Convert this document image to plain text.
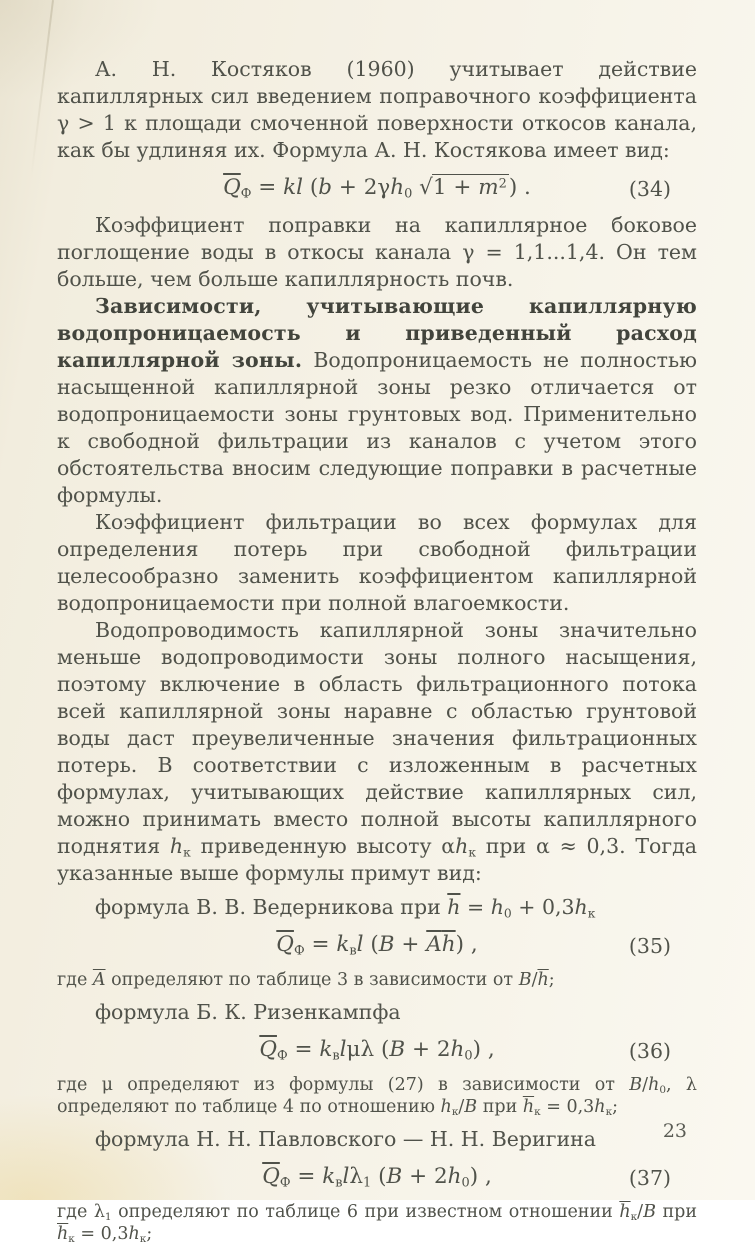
А. Н. Костяков (1960) учитывает действие капиллярных сил введением поправочного коэффициента γ > 1 к площади смоченной поверхности откосов канала, как бы удлиняя их. Формула А. Н. Костякова имеет вид:

$\overline{Q}_Ф$ = kl ($b + 2\gamma h_0$ $√1 + m^2$) .	(34)

Коэффициент поправки на капиллярное боковое поглощение воды в откосы канала γ = 1,1...1,4. Он тем больше, чем больше капиллярность почв.

Зависимости, учитывающие капиллярную водопроницаемость и приведенный расход капиллярной зоны. Водопроницаемость не полностью насыщенной капиллярной зоны резко отличается от водопроницаемости зоны грунтовых вод. Применительно к свободной фильтрации из каналов с учетом этого обстоятельства вносим следующие поправки в расчетные формулы.

Коэффициент фильтрации во всех формулах для определения потерь при свободной фильтрации целесообразно заменить коэффициентом капиллярной водопроницаемости при полной влагоемкости.

Водопроводимость капиллярной зоны значительно меньше водопроводимости зоны полного насыщения, поэтому включение в область фильтрационного потока всей капиллярной зоны наравне с областью грунтовой воды даст преувеличенные значения фильтрационных потерь. В соответствии с изложенным в расчетных формулах, учитывающих действие капиллярных сил, можно принимать вместо полной высоты капиллярного поднятия $h_к$ приведенную высоту $\alpha h_к$ при α ≈ 0,3. Тогда указанные выше формулы примут вид:

формула В. В. Ведерникова при $\overline{h} = h_0 + 0,3h_к$

$\overline{Q}_Ф = k_вl$ $(B + \overline{A}\overline{h})$ ,	(35)

где $\overline{A}$ определяют по таблице 3 в зависимости от $B/\overline{h}$;

формула Б. К. Ризенкампфа

$\overline{Q}_Ф = k_вl\mu\lambda$ $(B + 2h_0)$ ,	(36)

где μ определяют из формулы (27) в зависимости от $B/h_0$, λ определяют по таблице 4 по отношению $h_к/B$ при $\overline{h}_к = 0,3h_к$;

формула Н. Н. Павловского — Н. Н. Веригина

$\overline{Q}_Ф = k_вl\lambda_1$ $(B + 2h_0)$ ,	(37)

где $\lambda_1$ определяют по таблице 6 при известном отношении $\overline{h}_к/B$ при $\overline{h}_к = 0,3h_к$;

23
